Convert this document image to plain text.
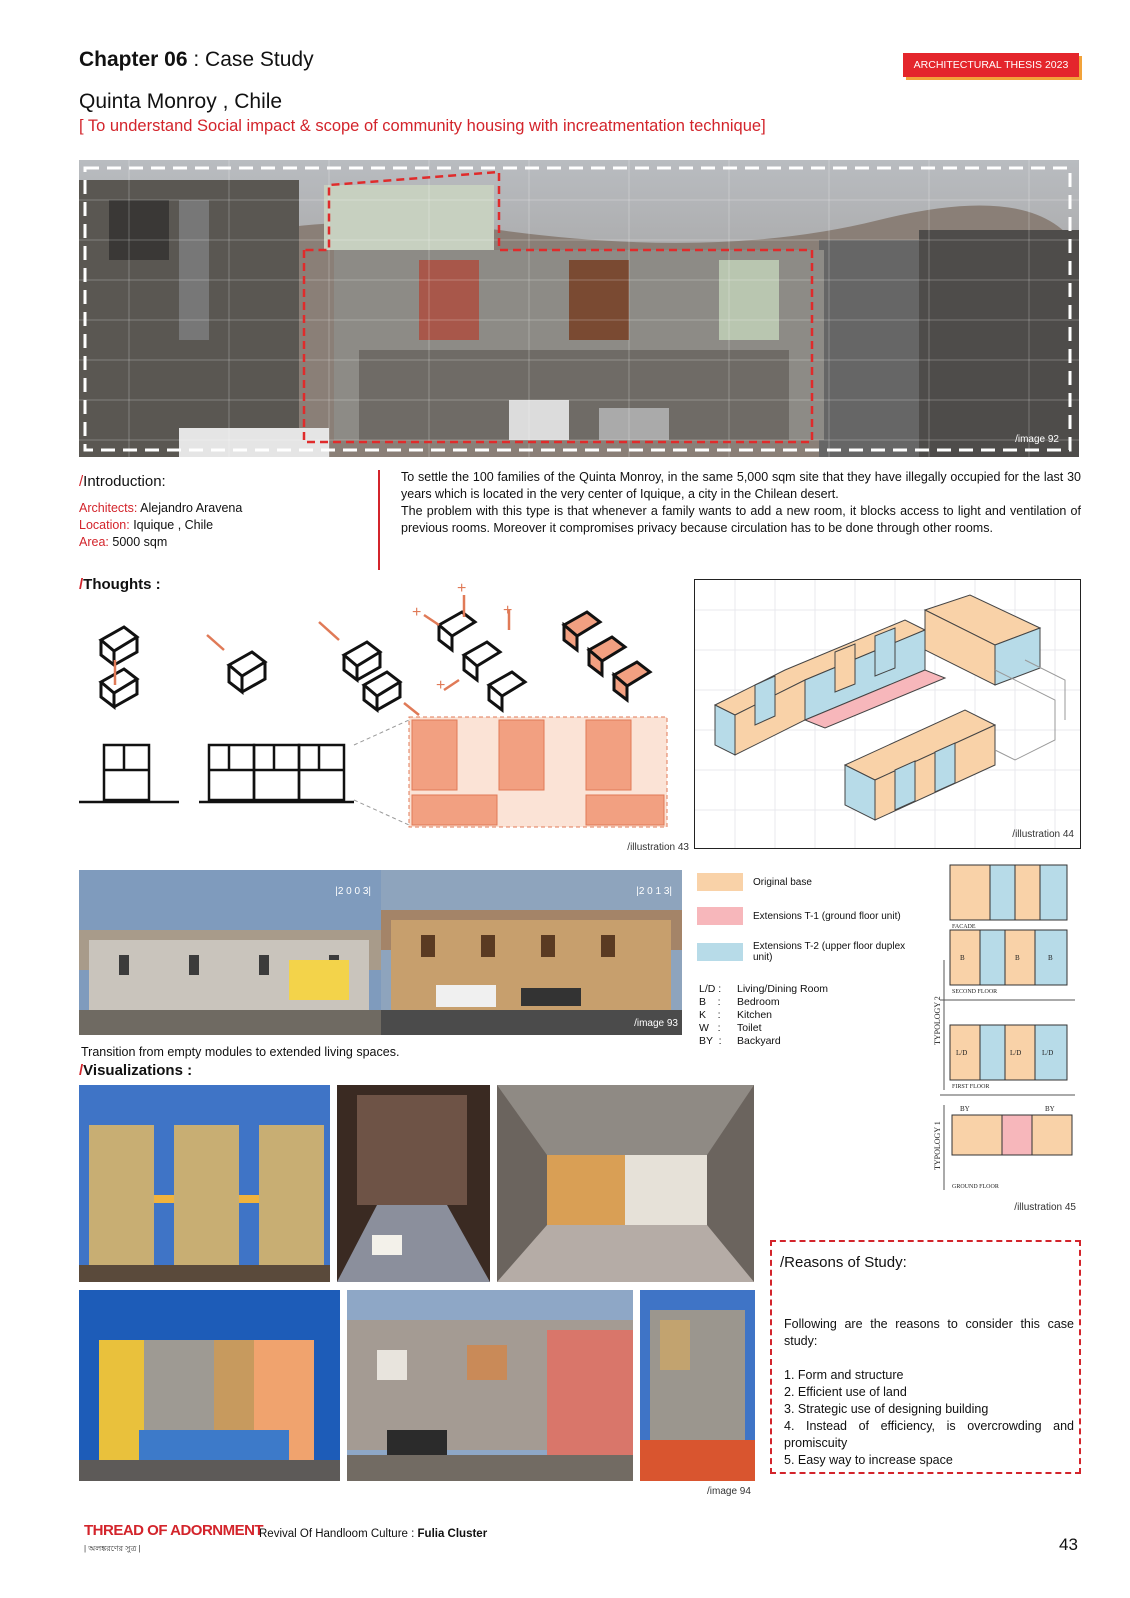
Chapter 06 : Case Study	ARCHITECTURAL THESIS 2023
Quinta Monroy , Chile
[ To understand Social impact & scope of community housing with increatmentation technique]
/image 92
/Introduction:
Architects: Alejandro Aravena
Location: Iquique , Chile
Area: 5000 sqm
To settle the 100 families of the Quinta Monroy, in the same 5,000 sqm site that they have illegally occupied for the last 30 years which is located in the very center of Iquique, a city in the Chilean desert.
The problem with this type is that whenever a family wants to add a new room, it blocks access to light and ventilation of previous rooms. Moreover it compromises privacy because circulation has to be done through other rooms.
/Thoughts :	+
+	+
+
/illustration 43
/illustration 44
|2 0 0 3|	|2 0 1 3|
/image 93
Transition from empty modules to extended living spaces.
Original base
Extensions T-1 (ground floor unit)
Extensions T-2 (upper floor duplex unit)
L/D : Living/Dining Room
B    : Bedroom
K    : Kitchen
W   : Toilet
BY  : Backyard
FACADE
SECOND FLOOR
FIRST FLOOR
GROUND FLOOR
TYPOLOGY 2
TYPOLOGY 1
B	B	B
L/D	L/D	L/D
BY	BY
/illustration 45
/Visualizations :
/image 94
/Reasons of Study:
Following are the reasons to consider this case study:
1. Form and structure
2. Efficient use of land
3. Strategic use of designing building
4. Instead of efficiency, is overcrowding and promiscuity
5. Easy way to increase space
THREAD OF ADORNMENT
| অলঙ্করণের সুত্র |
Revival Of Handloom Culture : Fulia Cluster
43
